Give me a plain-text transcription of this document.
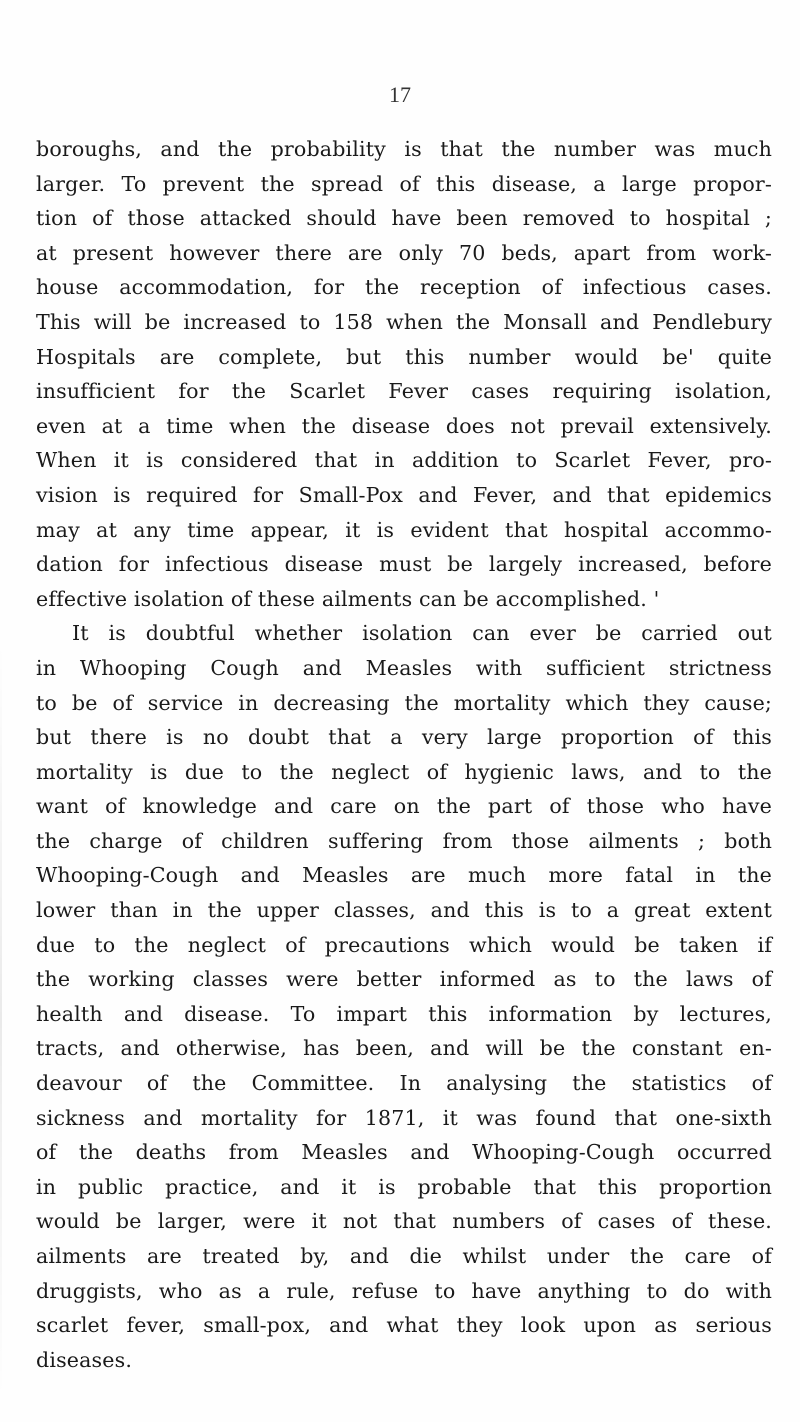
17
boroughs, and the probability is that the number was much
larger. To prevent the spread of this disease, a large propor-
tion of those attacked should have been removed to hospital ;
at present however there are only 70 beds, apart from work-
house accommodation, for the reception of infectious cases.
This will be increased to 158 when the Monsall and Pendlebury
Hospitals are complete, but this number would be' quite
insufficient for the Scarlet Fever cases requiring isolation,
even at a time when the disease does not prevail extensively.
When it is considered that in addition to Scarlet Fever, pro-
vision is required for Small-Pox and Fever, and that epidemics
may at any time appear, it is evident that hospital accommo-
dation for infectious disease must be largely increased, before
effective isolation of these ailments can be accomplished. '
It is doubtful whether isolation can ever be carried out
in Whooping Cough and Measles with sufficient strictness
to be of service in decreasing the mortality which they cause;
but there is no doubt that a very large proportion of this
mortality is due to the neglect of hygienic laws, and to the
want of knowledge and care on the part of those who have
the charge of children suffering from those ailments ; both
Whooping-Cough and Measles are much more fatal in the
lower than in the upper classes, and this is to a great extent
due to the neglect of precautions which would be taken if
the working classes were better informed as to the laws of
health and disease. To impart this information by lectures,
tracts, and otherwise, has been, and will be the constant en-
deavour of the Committee. In analysing the statistics of
sickness and mortality for 1871, it was found that one-sixth
of the deaths from Measles and Whooping-Cough occurred
in public practice, and it is probable that this proportion
would be larger, were it not that numbers of cases of these.
ailments are treated by, and die whilst under the care of
druggists, who as a rule, refuse to have anything to do with
scarlet fever, small-pox, and what they look upon as serious
diseases.
